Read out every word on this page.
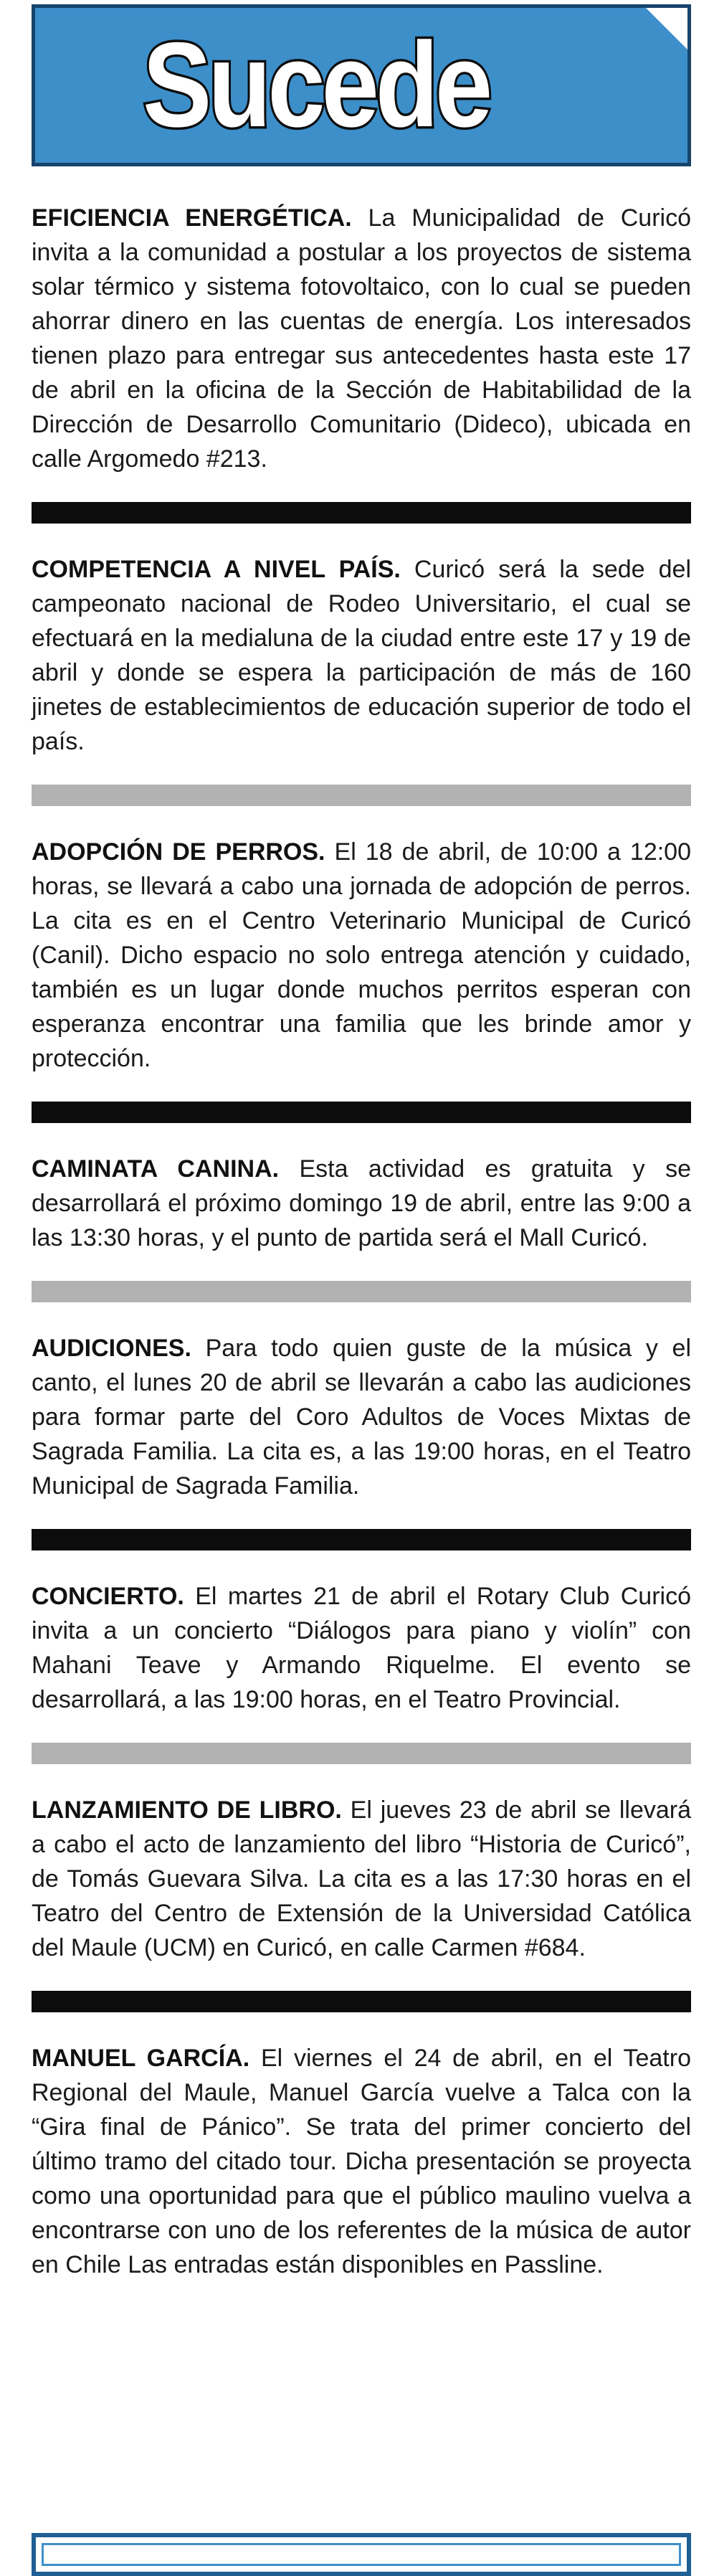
Sucede

EFICIENCIA ENERGÉTICA. La Municipalidad de Curicó invita a la comunidad a postular a los proyectos de sistema solar térmico y sistema fotovoltaico, con lo cual se pueden ahorrar dinero en las cuentas de energía. Los interesados tienen plazo para entregar sus antecedentes hasta este 17 de abril en la oficina de la Sección de Habitabilidad de la Dirección de Desarrollo Comunitario (Dideco), ubicada en calle Argomedo #213.

COMPETENCIA A NIVEL PAÍS. Curicó será la sede del campeonato nacional de Rodeo Universitario, el cual se efectuará en la medialuna de la ciudad entre este 17 y 19 de abril y donde se espera la participación de más de 160 jinetes de establecimientos de educación superior de todo el país.

ADOPCIÓN DE PERROS. El 18 de abril, de 10:00 a 12:00 horas, se llevará a cabo una jornada de adopción de perros. La cita es en el Centro Veterinario Municipal de Curicó (Canil). Dicho espacio no solo entrega atención y cuidado, también es un lugar donde muchos perritos esperan con esperanza encontrar una familia que les brinde amor y protección.

CAMINATA CANINA. Esta actividad es gratuita y se desarrollará el próximo domingo 19 de abril, entre las 9:00 a las 13:30 horas, y el punto de partida será el Mall Curicó.

AUDICIONES. Para todo quien guste de la música y el canto, el lunes 20 de abril se llevarán a cabo las audiciones para formar parte del Coro Adultos de Voces Mixtas de Sagrada Familia. La cita es, a las 19:00 horas, en el Teatro Municipal de Sagrada Familia.

CONCIERTO. El martes 21 de abril el Rotary Club Curicó invita a un concierto “Diálogos para piano y violín” con Mahani Teave y Armando Riquelme. El evento se desarrollará, a las 19:00 horas, en el Teatro Provincial.

LANZAMIENTO DE LIBRO. El jueves 23 de abril se llevará a cabo el acto de lanzamiento del libro “Historia de Curicó”, de Tomás Guevara Silva. La cita es a las 17:30 horas en el Teatro del Centro de Extensión de la Universidad Católica del Maule (UCM) en Curicó, en calle Carmen #684.

MANUEL GARCÍA. El viernes el 24 de abril, en el Teatro Regional del Maule, Manuel García vuelve a Talca con la “Gira final de Pánico”. Se trata del primer concierto del último tramo del citado tour. Dicha presentación se proyecta como una oportunidad para que el público maulino vuelva a encontrarse con uno de los referentes de la música de autor en Chile Las entradas están disponibles en Passline.
